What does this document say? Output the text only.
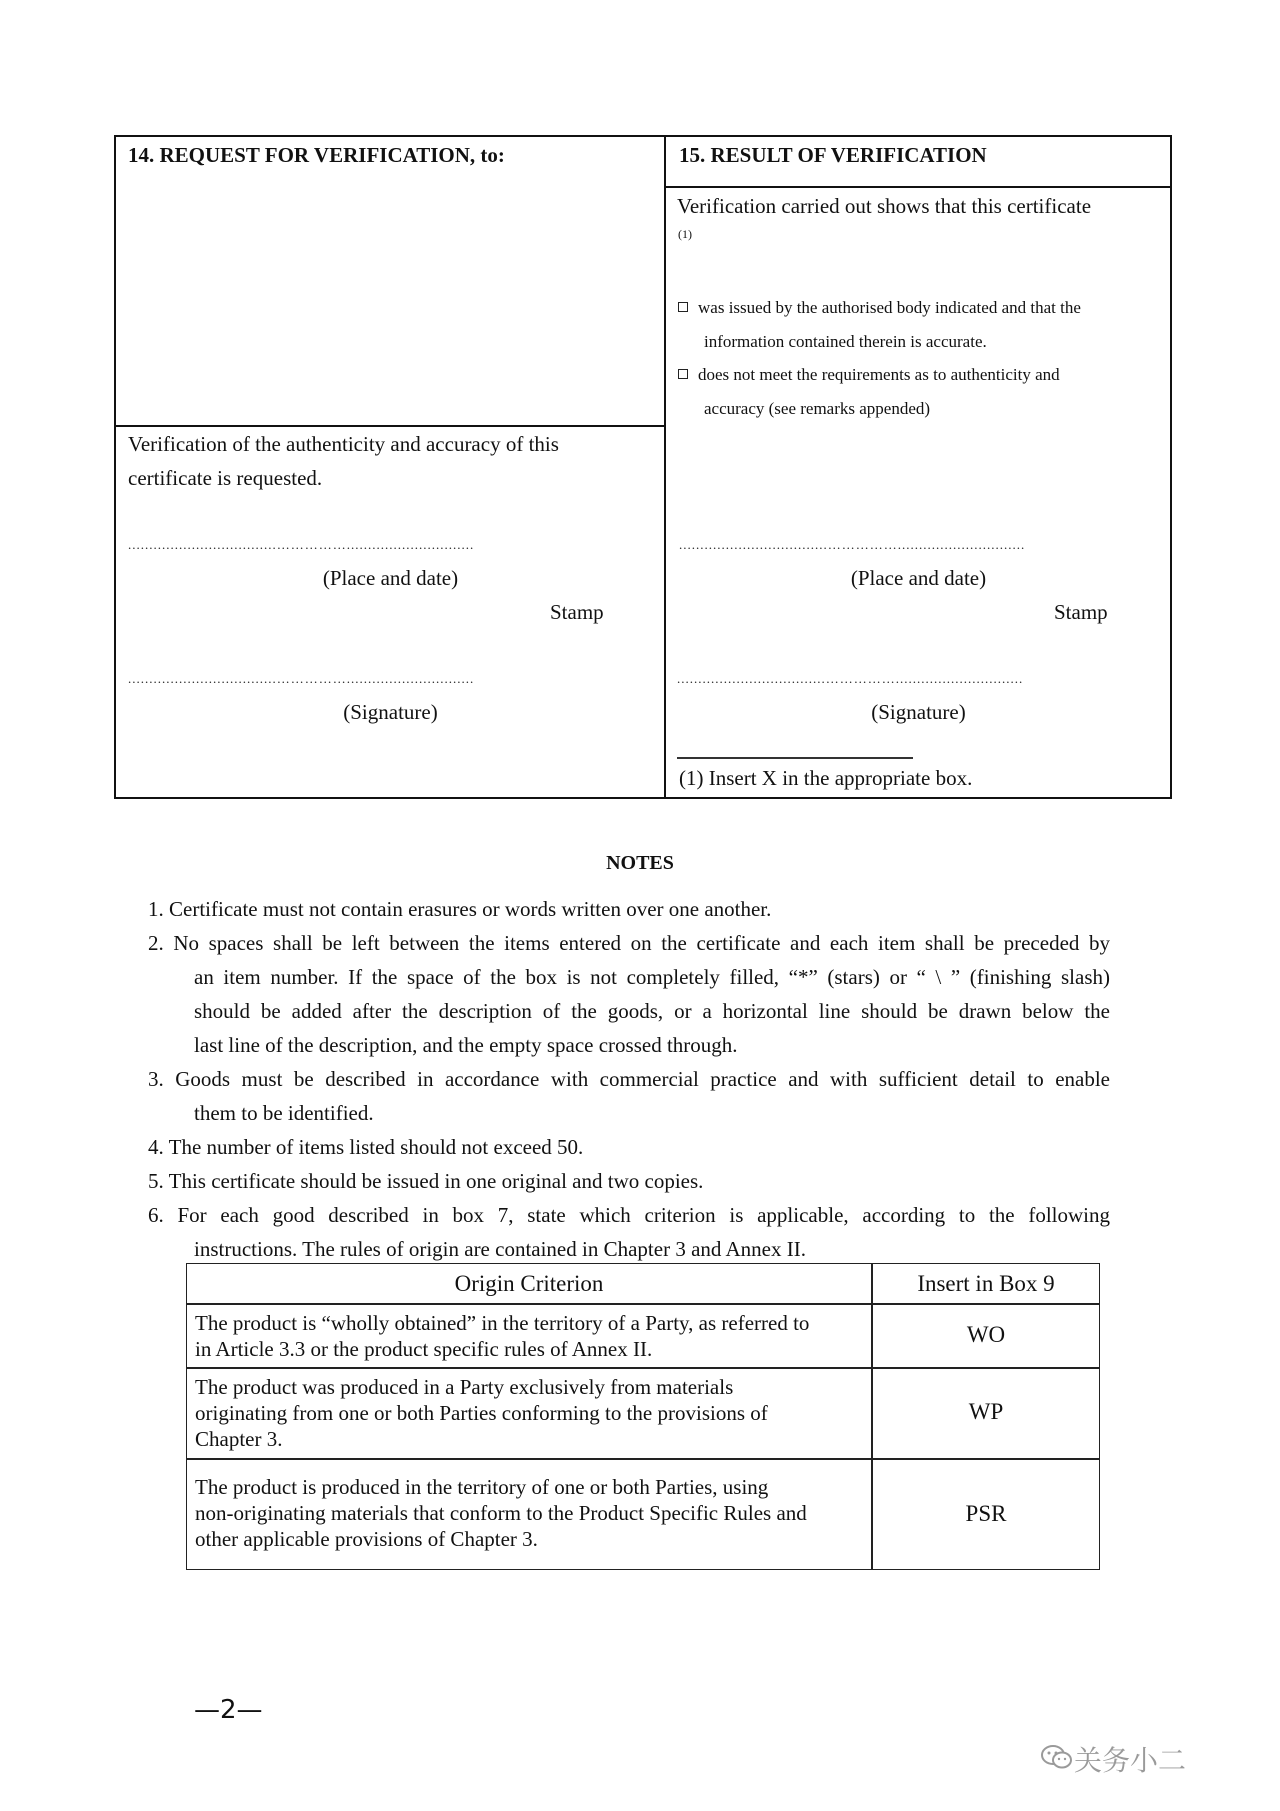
14. REQUEST FOR VERIFICATION, to:
Verification of the authenticity and accuracy of this
certificate is requested.
...................................……………..............................
(Place and date)
Stamp
...................................……………..............................
(Signature)
15. RESULT OF VERIFICATION
Verification carried out shows that this certificate
(1)
was issued by the authorised body indicated and that the
information contained therein is accurate.
does not meet the requirements as to authenticity and
accuracy (see remarks appended)
...................................……………..............................
(Place and date)
Stamp
...................................……………..............................
(Signature)
(1) Insert X in the appropriate box.
NOTES
1. Certificate must not contain erasures or words written over one another.
2. No spaces shall be left between the items entered on the certificate and each item shall be preceded by
an item number. If the space of the box is not completely filled, “*” (stars) or “ \ ” (finishing slash)
should be added after the description of the goods, or a horizontal line should be drawn below the
last line of the description, and the empty space crossed through.
3. Goods must be described in accordance with commercial practice and with sufficient detail to enable
them to be identified.
4. The number of items listed should not exceed 50.
5. This certificate should be issued in one original and two copies.
6. For each good described in box 7, state which criterion is applicable, according to the following
instructions. The rules of origin are contained in Chapter 3 and Annex II.
Origin Criterion	Insert in Box 9
The product is “wholly obtained” in the territory of a Party, as referred to
in Article 3.3 or the product specific rules of Annex II.
WO
The product was produced in a Party exclusively from materials
originating from one or both Parties conforming to the provisions of
Chapter 3.
WP
The product is produced in the territory of one or both Parties, using
non-originating materials that conform to the Product Specific Rules and
other applicable provisions of Chapter 3.
PSR
—2—
关务小二
